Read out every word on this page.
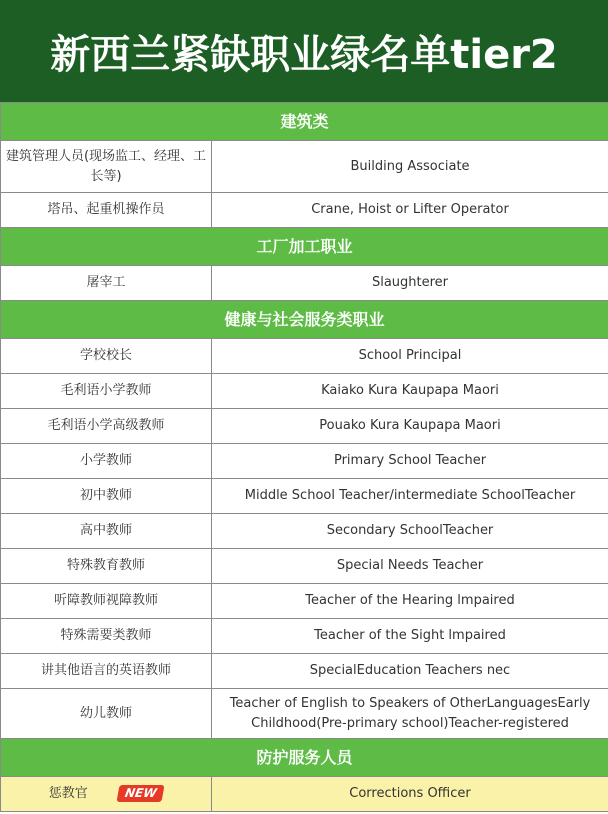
新西兰紧缺职业绿名单tier2
建筑类	
建筑管理人员(现场监工、经理、工长等)	Building Associate
塔吊、起重机操作员	Crane, Hoist or Lifter Operator
工厂加工职业	
屠宰工	Slaughterer
健康与社会服务类职业	
学校校长	School Principal
毛利语小学教师	Kaiako Kura Kaupapa Maori
毛利语小学高级教师	Pouako Kura Kaupapa Maori
小学教师	Primary School Teacher
初中教师	Middle School Teacher/intermediate SchoolTeacher
高中教师	Secondary SchoolTeacher
特殊教育教师	Special Needs Teacher
听障教师视障教师	Teacher of the Hearing lmpaired
特殊需要类教师	Teacher of the Sight lmpaired
讲其他语言的英语教师	SpecialEducation Teachers nec
幼儿教师	Teacher of English to Speakers of OtherLanguagesEarly Childhood(Pre-primary school)Teacher-registered
防护服务人员	
惩教官 NEW	Corrections Officer
